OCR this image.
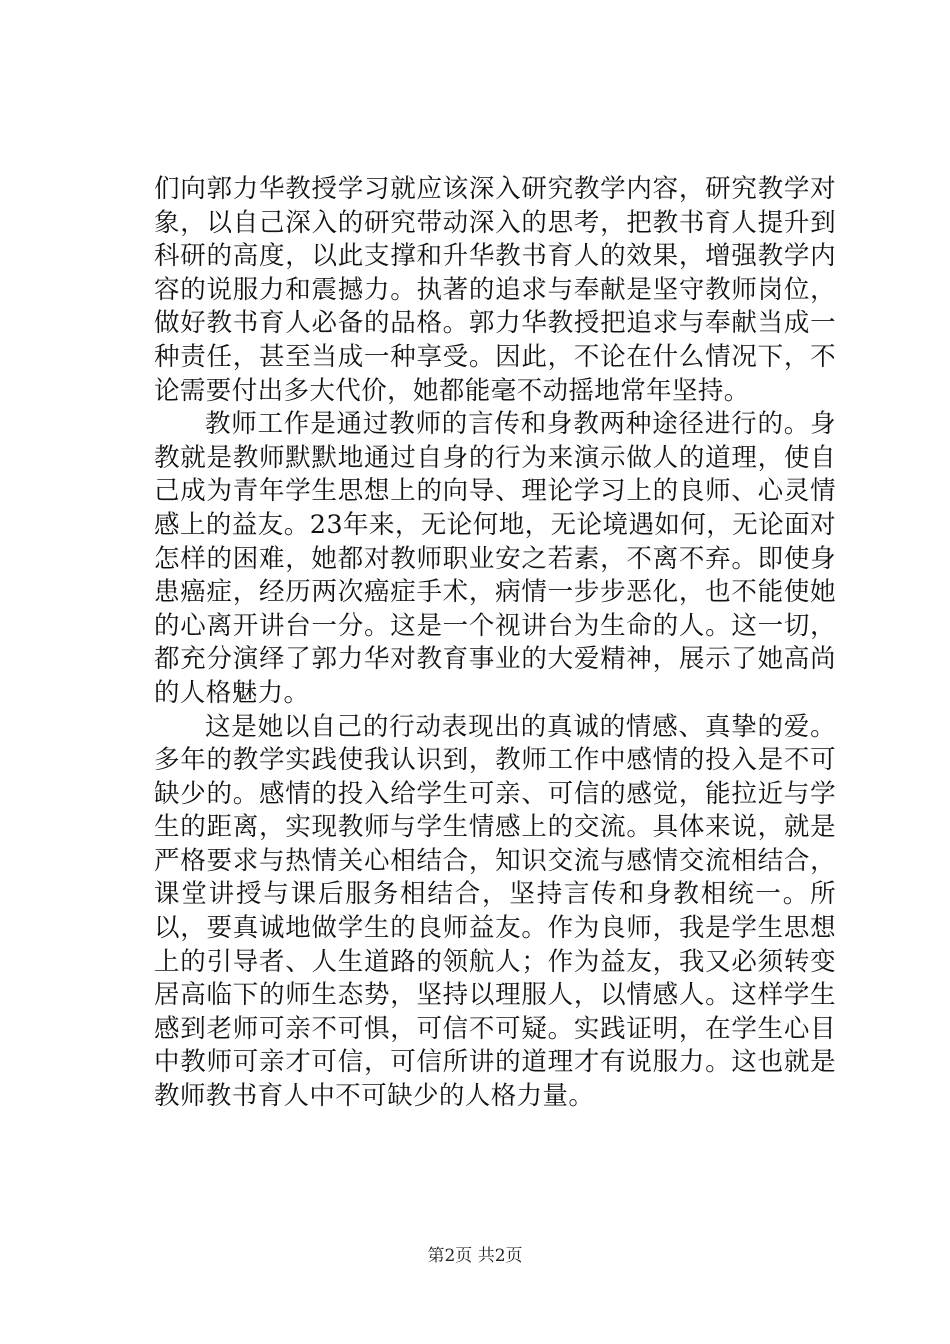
们向郭力华教授学习就应该深入研究教学内容，研究教学对象，以自己深入的研究带动深入的思考，把教书育人提升到科研的高度，以此支撑和升华教书育人的效果，增强教学内容的说服力和震撼力。执著的追求与奉献是坚守教师岗位，做好教书育人必备的品格。郭力华教授把追求与奉献当成一种责任，甚至当成一种享受。因此，不论在什么情况下，不论需要付出多大代价，她都能毫不动摇地常年坚持。

教师工作是通过教师的言传和身教两种途径进行的。身教就是教师默默地通过自身的行为来演示做人的道理，使自己成为青年学生思想上的向导、理论学习上的良师、心灵情感上的益友。23年来，无论何地，无论境遇如何，无论面对怎样的困难，她都对教师职业安之若素，不离不弃。即使身患癌症，经历两次癌症手术，病情一步步恶化，也不能使她的心离开讲台一分。这是一个视讲台为生命的人。这一切，都充分演绎了郭力华对教育事业的大爱精神，展示了她高尚的人格魅力。

这是她以自己的行动表现出的真诚的情感、真挚的爱。多年的教学实践使我认识到，教师工作中感情的投入是不可缺少的。感情的投入给学生可亲、可信的感觉，能拉近与学生的距离，实现教师与学生情感上的交流。具体来说，就是严格要求与热情关心相结合，知识交流与感情交流相结合，课堂讲授与课后服务相结合，坚持言传和身教相统一。所以，要真诚地做学生的良师益友。作为良师，我是学生思想上的引导者、人生道路的领航人；作为益友，我又必须转变居高临下的师生态势，坚持以理服人，以情感人。这样学生感到老师可亲不可惧，可信不可疑。实践证明，在学生心目中教师可亲才可信，可信所讲的道理才有说服力。这也就是教师教书育人中不可缺少的人格力量。

第2页 共2页
